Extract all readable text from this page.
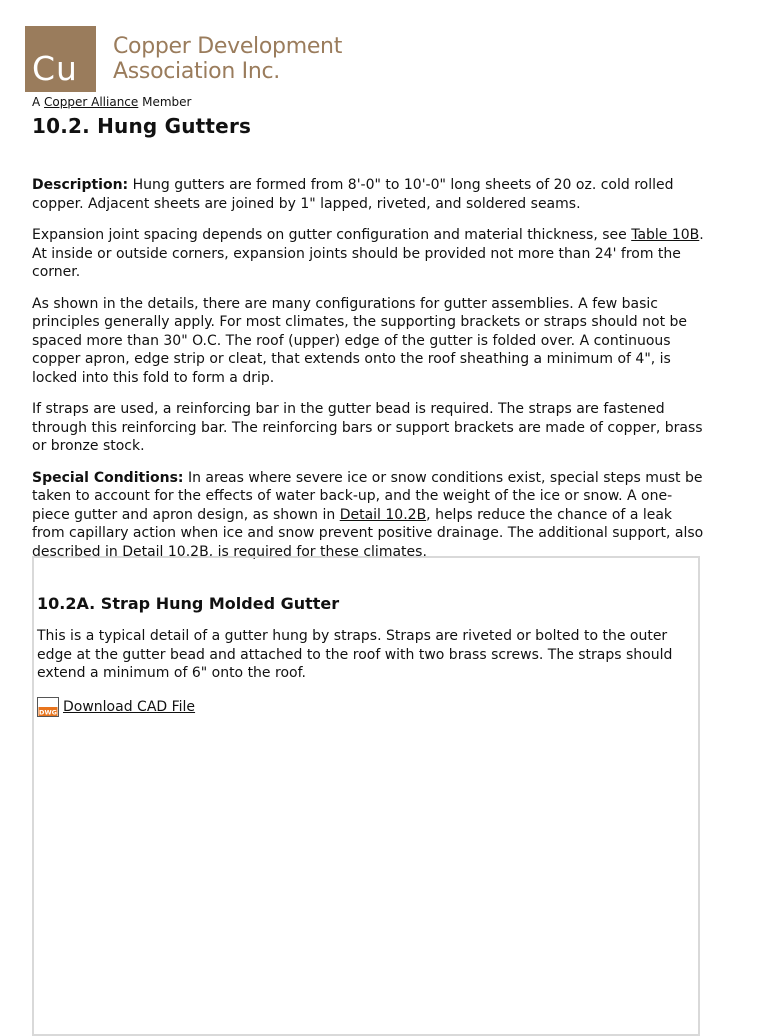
Cu
Copper Development
Association Inc.
A Copper Alliance Member
10.2. Hung Gutters

Description: Hung gutters are formed from 8'-0" to 10'-0" long sheets of 20 oz. cold rolled copper. Adjacent sheets are joined by 1" lapped, riveted, and soldered seams.

Expansion joint spacing depends on gutter configuration and material thickness, see Table 10B. At inside or outside corners, expansion joints should be provided not more than 24' from the corner.

As shown in the details, there are many configurations for gutter assemblies. A few basic principles generally apply. For most climates, the supporting brackets or straps should not be spaced more than 30" O.C. The roof (upper) edge of the gutter is folded over. A continuous copper apron, edge strip or cleat, that extends onto the roof sheathing a minimum of 4", is locked into this fold to form a drip.

If straps are used, a reinforcing bar in the gutter bead is required. The straps are fastened through this reinforcing bar. The reinforcing bars or support brackets are made of copper, brass or bronze stock.

Special Conditions: In areas where severe ice or snow conditions exist, special steps must be taken to account for the effects of water back-up, and the weight of the ice or snow. A one-piece gutter and apron design, as shown in Detail 10.2B, helps reduce the chance of a leak from capillary action when ice and snow prevent positive drainage. The additional support, also described in Detail 10.2B, is required for these climates.

10.2A. Strap Hung Molded Gutter

This is a typical detail of a gutter hung by straps. Straps are riveted or bolted to the outer edge at the gutter bead and attached to the roof with two brass screws. The straps should extend a minimum of 6" onto the roof.

DWG Download CAD File
